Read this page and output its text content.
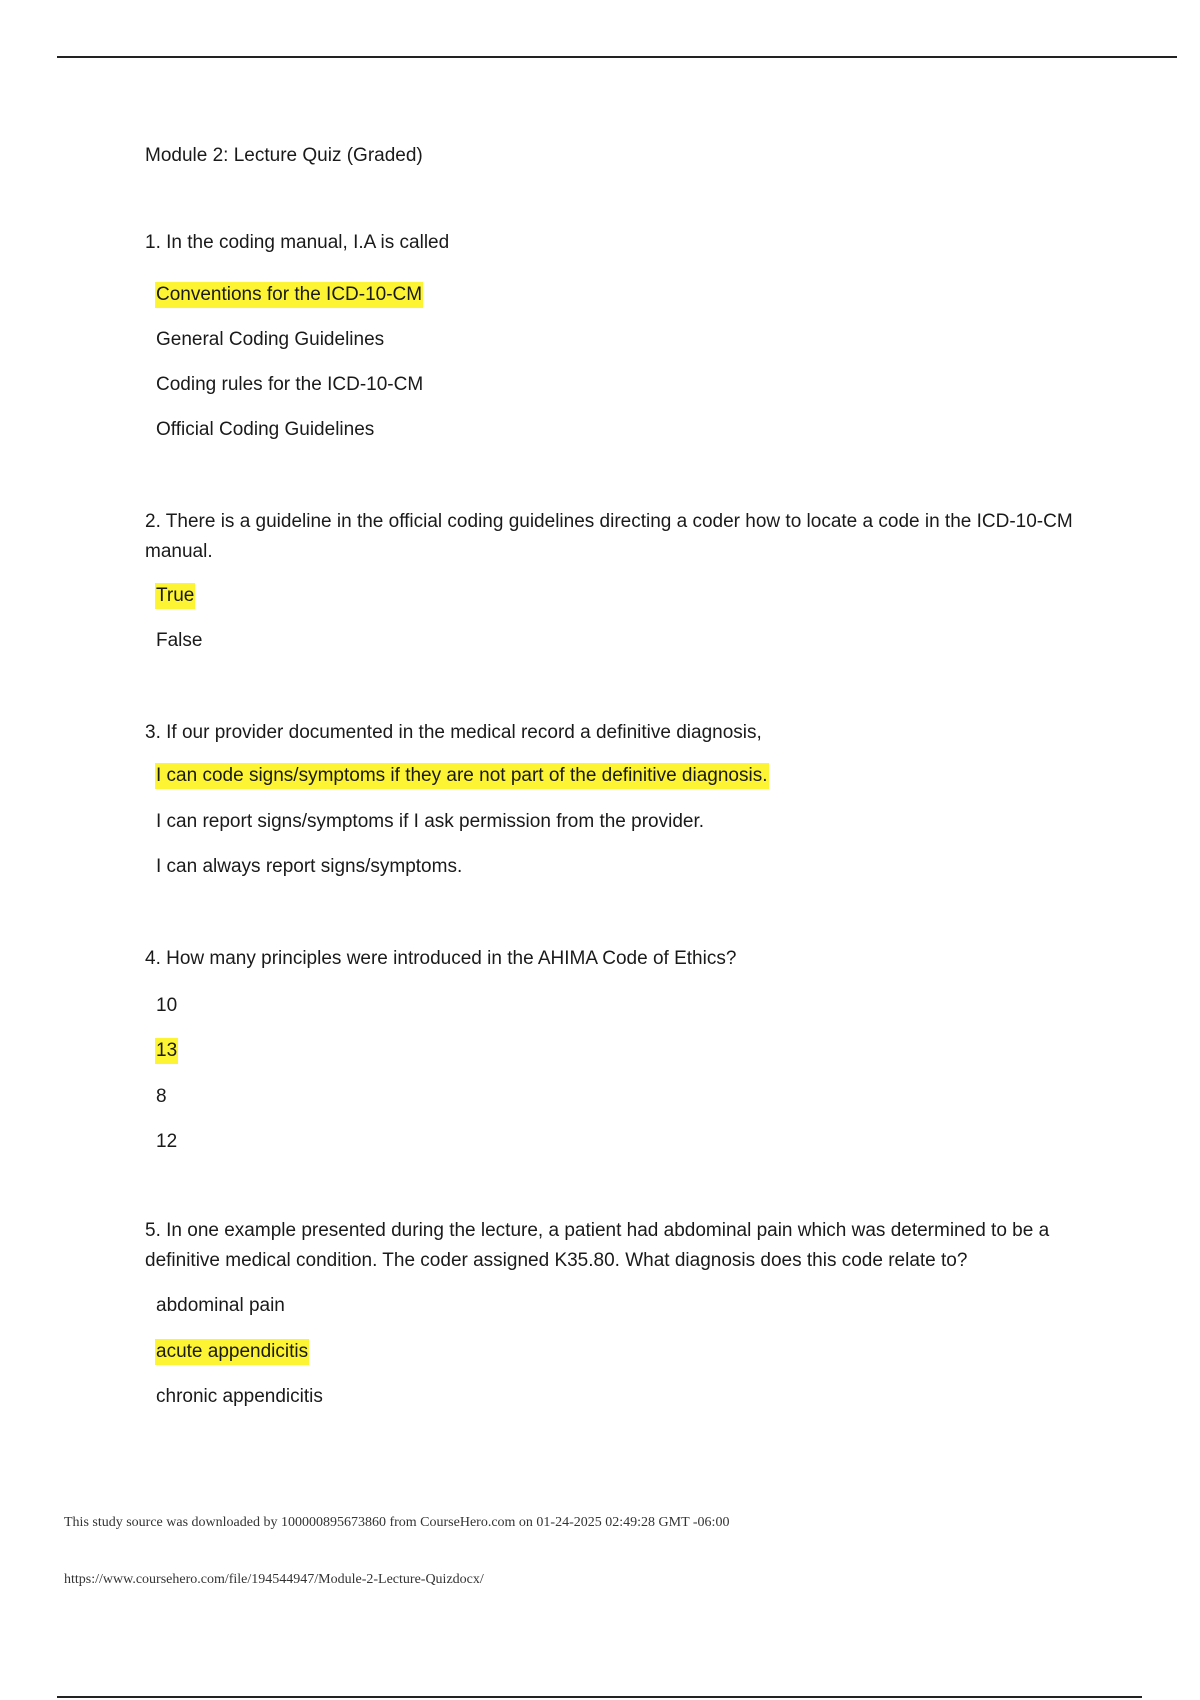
Module 2: Lecture Quiz (Graded)
1. In the coding manual, I.A is called
Conventions for the ICD-10-CM
General Coding Guidelines
Coding rules for the ICD-10-CM
Official Coding Guidelines
2. There is a guideline in the official coding guidelines directing a coder how to locate a code in the ICD-10-CM manual.
True
False
3. If our provider documented in the medical record a definitive diagnosis,
I can code signs/symptoms if they are not part of the definitive diagnosis.
I can report signs/symptoms if I ask permission from the provider.
I can always report signs/symptoms.
4. How many principles were introduced in the AHIMA Code of Ethics?
10
13
8
12
5. In one example presented during the lecture, a patient had abdominal pain which was determined to be a definitive medical condition. The coder assigned K35.80. What diagnosis does this code relate to?
abdominal pain
acute appendicitis
chronic appendicitis
This study source was downloaded by 100000895673860 from CourseHero.com on 01-24-2025 02:49:28 GMT -06:00
https://www.coursehero.com/file/194544947/Module-2-Lecture-Quizdocx/
